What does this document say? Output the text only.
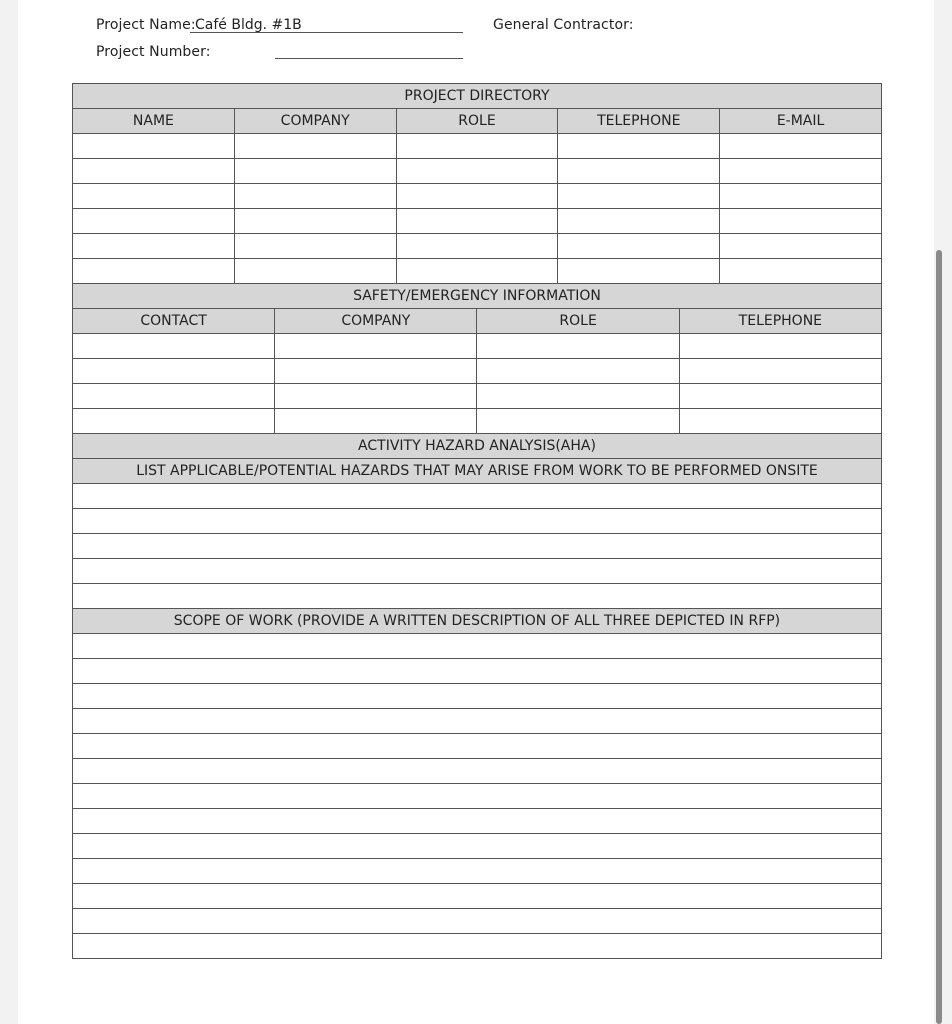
Project Name: Café Bldg. #1B	General Contractor:
Project Number:
PROJECT DIRECTORY							
NAME	COMPANY		ROLE		TELEPHONE		E-MAIL

SAFETY/EMERGENCY INFORMATION							
CONTACT		COMPANY		ROLE		TELEPHONE	

ACTIVITY HAZARD ANALYSIS(AHA)							
LIST APPLICABLE/POTENTIAL HAZARDS THAT MAY ARISE FROM WORK TO BE PERFORMED ONSITE							

SCOPE OF WORK (PROVIDE A WRITTEN DESCRIPTION OF ALL THREE DEPICTED IN RFP)							
